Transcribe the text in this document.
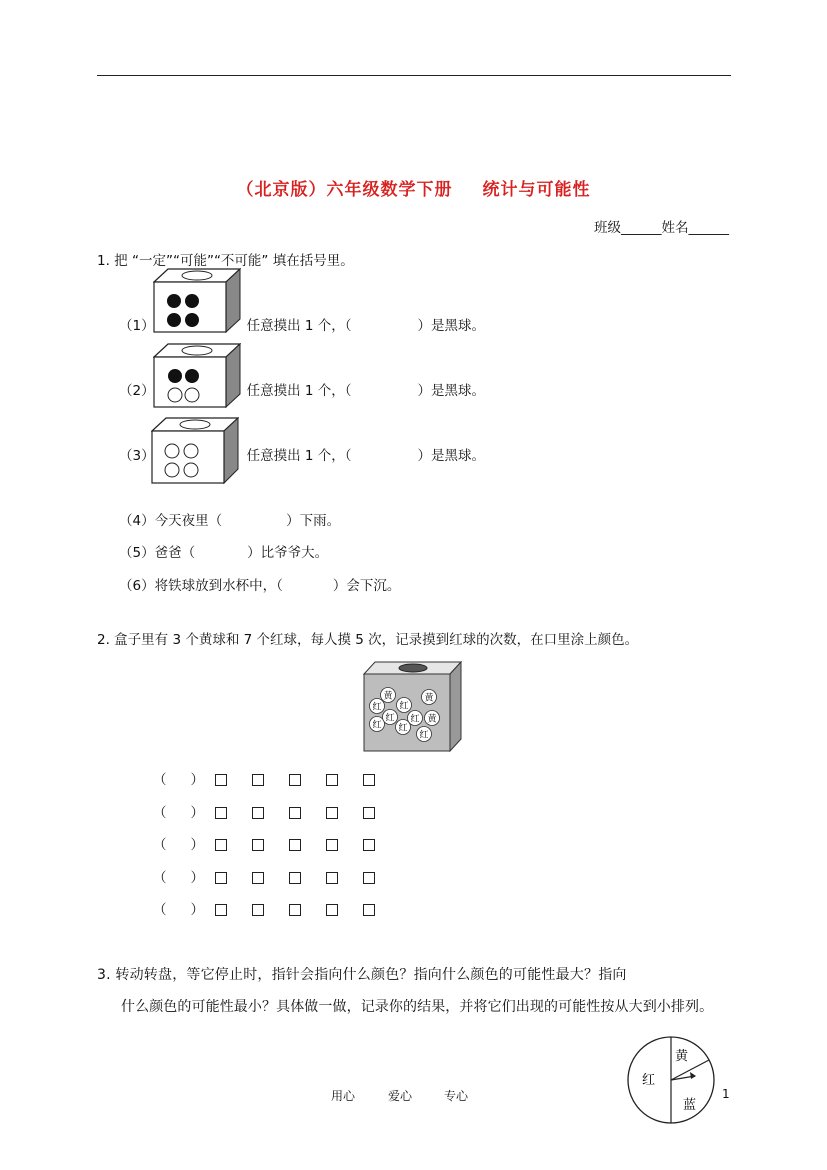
（北京版）六年级数学下册 统计与可能性
班级______姓名______
1. 把 “一定”“可能”“不可能” 填在括号里。
（1）	任意摸出 1 个，（	）是黑球。
（2）	任意摸出 1 个，（	）是黑球。
（3）	任意摸出 1 个，（	）是黑球。
（4）今天夜里（	）下雨。
（5）爸爸（	）比爷爷大。
（6）将铁球放到水杯中，（	）会下沉。
2. 盒子里有 3 个黄球和 7 个红球，每人摸 5 次，记录摸到红球的次数，在口里涂上颜色。
黄	黄
红 红
红 黄
红 红
红
红
（ ）
（ ）
（ ）
（ ）
（ ）
3. 转动转盘，等它停止时，指针会指向什么颜色？指向什么颜色的可能性最大？指向
什么颜色的可能性最小？具体做一做，记录你的结果，并将它们出现的可能性按从大到小排列。
黄
红
蓝
用心	爱心	专心	1
